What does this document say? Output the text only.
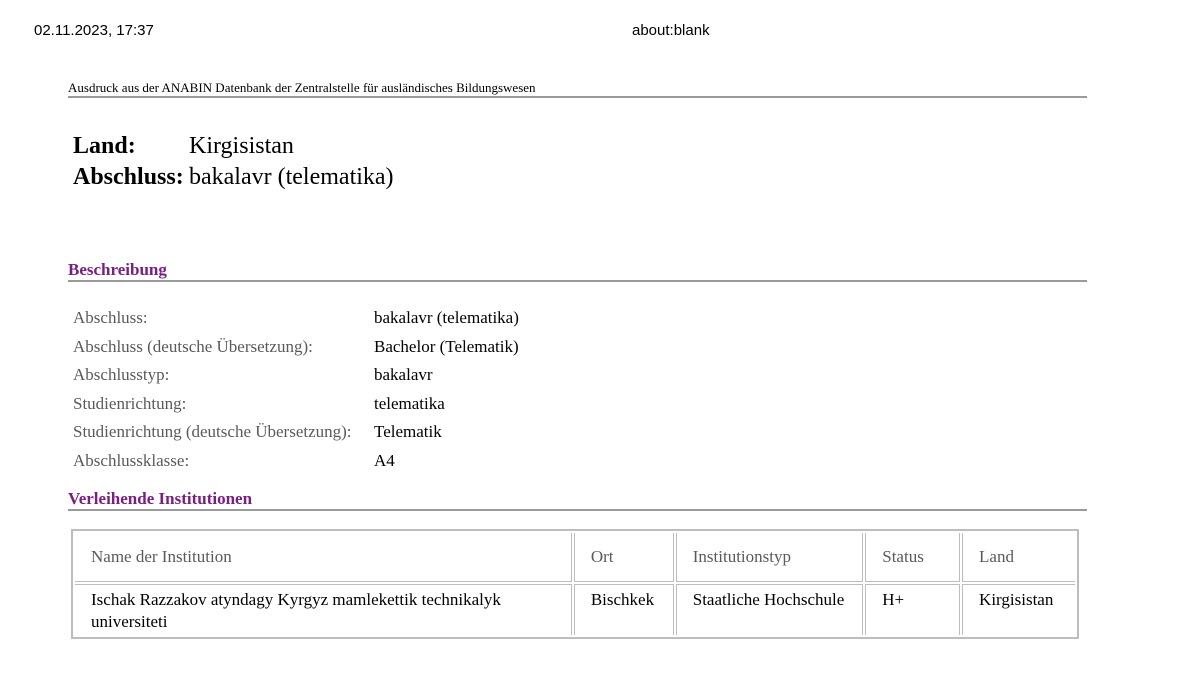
02.11.2023, 17:37	about:blank
Ausdruck aus der ANABIN Datenbank der Zentralstelle für ausländisches Bildungswesen
Land:	Kirgisistan
Abschluss: bakalavr (telematika)
Beschreibung
Abschluss:	bakalavr (telematika)
Abschluss (deutsche Übersetzung):	Bachelor (Telematik)
Abschlusstyp:	bakalavr
Studienrichtung:	telematika
Studienrichtung (deutsche Übersetzung):	Telematik
Abschlussklasse:	A4
Verleihende Institutionen
Name der Institution	Ort	Institutionstyp	Status	Land
Ischak Razzakov atyndagy Kyrgyz mamlekettik technikalyk universiteti	Bischkek	Staatliche Hochschule	H+	Kirgisistan
